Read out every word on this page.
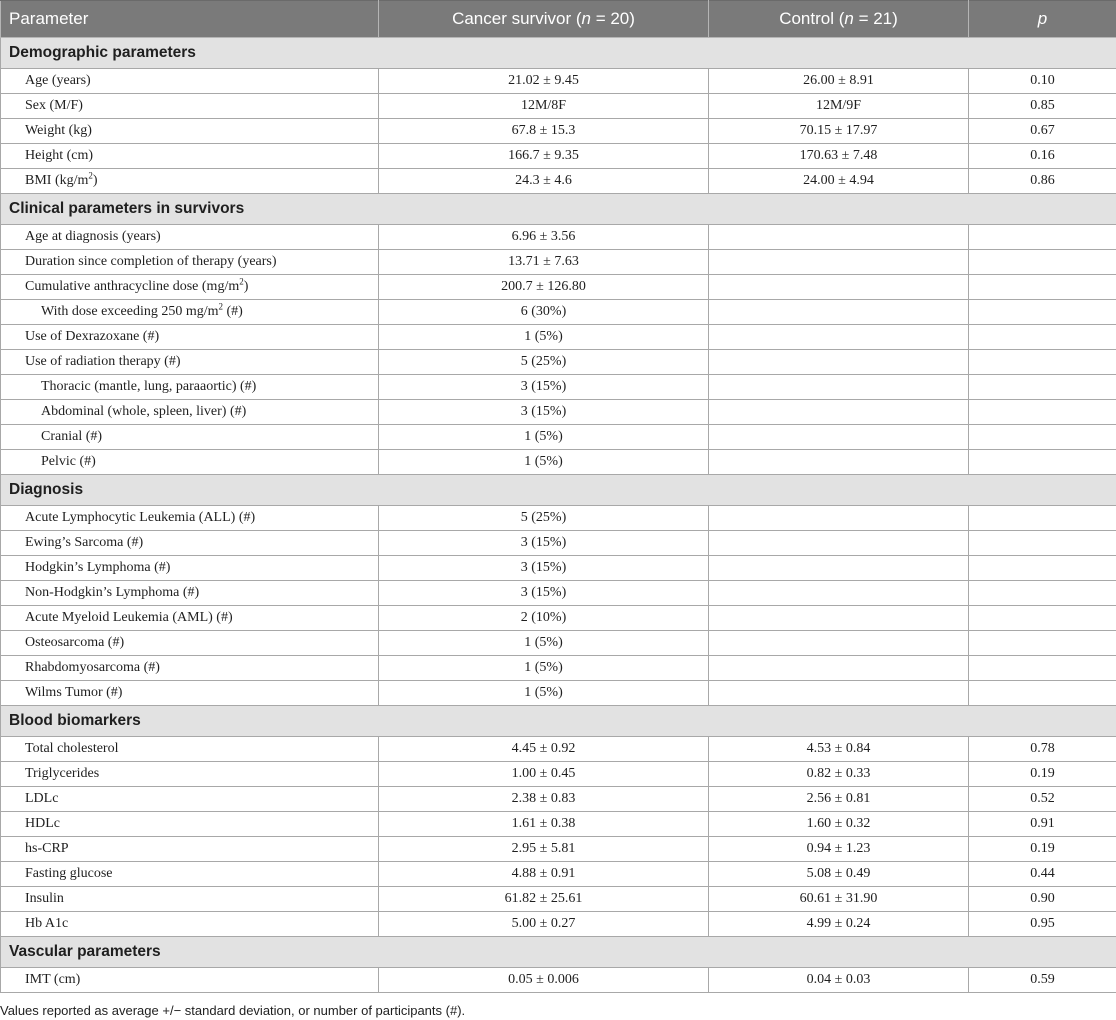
Parameter	Cancer survivor (n = 20)	Control (n = 21)	p
Demographic parameters			
Age (years)	21.02 ± 9.45	26.00 ± 8.91	0.10
Sex (M/F)	12M/8F	12M/9F	0.85
Weight (kg)	67.8 ± 15.3	70.15 ± 17.97	0.67
Height (cm)	166.7 ± 9.35	170.63 ± 7.48	0.16
BMI $(kg/m^2)$	24.3 ± 4.6	24.00 ± 4.94	0.86
Clinical parameters in survivors			
Age at diagnosis (years)	6.96 ± 3.56		
Duration since completion of therapy (years)	13.71 ± 7.63		
Cumulative anthracycline dose $(mg/m^2)$	200.7 ± 126.80		
With dose exceeding 250 $mg/m^2$ (#)	6 (30%)		
Use of Dexrazoxane (#)	1 (5%)		
Use of radiation therapy (#)	5 (25%)		
Thoracic (mantle, lung, paraaortic) (#)	3 (15%)		
Abdominal (whole, spleen, liver) (#)	3 (15%)		
Cranial (#)	1 (5%)		
Pelvic (#)	1 (5%)		
Diagnosis			
Acute Lymphocytic Leukemia (ALL) (#)	5 (25%)		
Ewing’s Sarcoma (#)	3 (15%)		
Hodgkin’s Lymphoma (#)	3 (15%)		
Non-Hodgkin’s Lymphoma (#)	3 (15%)		
Acute Myeloid Leukemia (AML) (#)	2 (10%)		
Osteosarcoma (#)	1 (5%)		
Rhabdomyosarcoma (#)	1 (5%)		
Wilms Tumor (#)	1 (5%)		
Blood biomarkers			
Total cholesterol	4.45 ± 0.92	4.53 ± 0.84	0.78
Triglycerides	1.00 ± 0.45	0.82 ± 0.33	0.19
LDLc	2.38 ± 0.83	2.56 ± 0.81	0.52
HDLc	1.61 ± 0.38	1.60 ± 0.32	0.91
hs-CRP	2.95 ± 5.81	0.94 ± 1.23	0.19
Fasting glucose	4.88 ± 0.91	5.08 ± 0.49	0.44
Insulin	61.82 ± 25.61	60.61 ± 31.90	0.90
Hb A1c	5.00 ± 0.27	4.99 ± 0.24	0.95
Vascular parameters			
IMT (cm)	0.05 ± 0.006	0.04 ± 0.03	0.59
Values reported as average +/− standard deviation, or number of participants (#).
